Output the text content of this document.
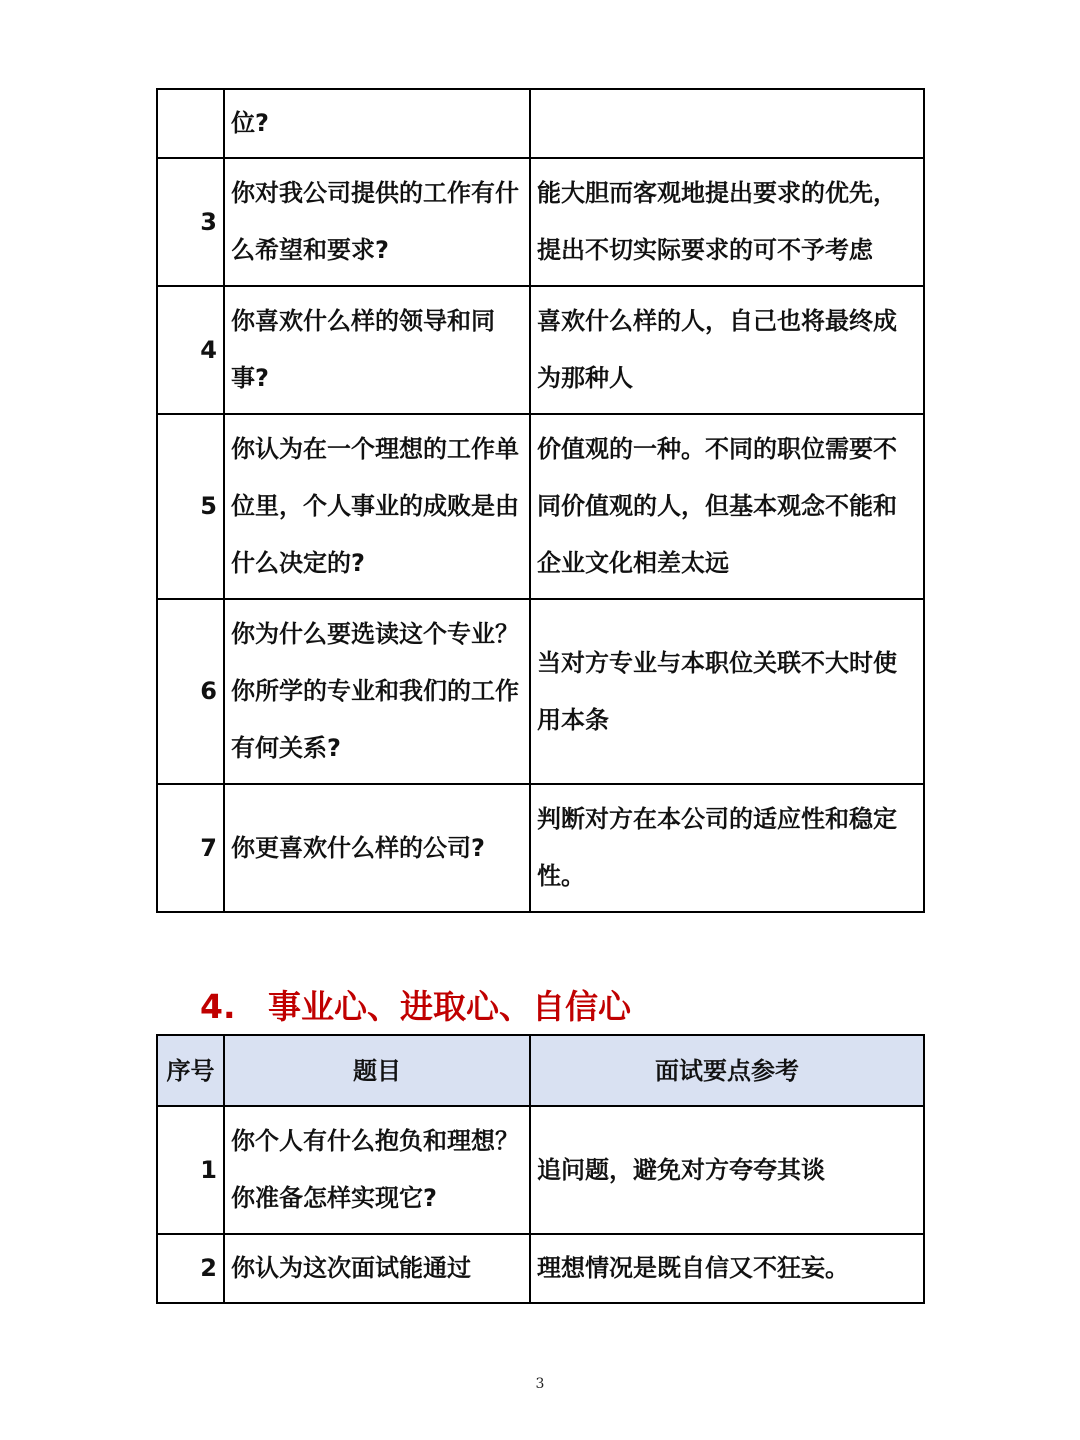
	位?	
3	你对我公司提供的工作有什么希望和要求?	能大胆而客观地提出要求的优先，提出不切实际要求的可不予考虑
4	你喜欢什么样的领导和同事?	喜欢什么样的人，自己也将最终成为那种人
5	你认为在一个理想的工作单位里，个人事业的成败是由什么决定的?	价值观的一种。不同的职位需要不同价值观的人，但基本观念不能和企业文化相差太远
6	你为什么要选读这个专业？你所学的专业和我们的工作有何关系?	当对方专业与本职位关联不大时使用本条
7	你更喜欢什么样的公司?	判断对方在本公司的适应性和稳定性。
4. 事业心、进取心、自信心
序号	题目	面试要点参考
1	你个人有什么抱负和理想？你准备怎样实现它?	追问题，避免对方夸夸其谈
2	你认为这次面试能通过	理想情况是既自信又不狂妄。
3
